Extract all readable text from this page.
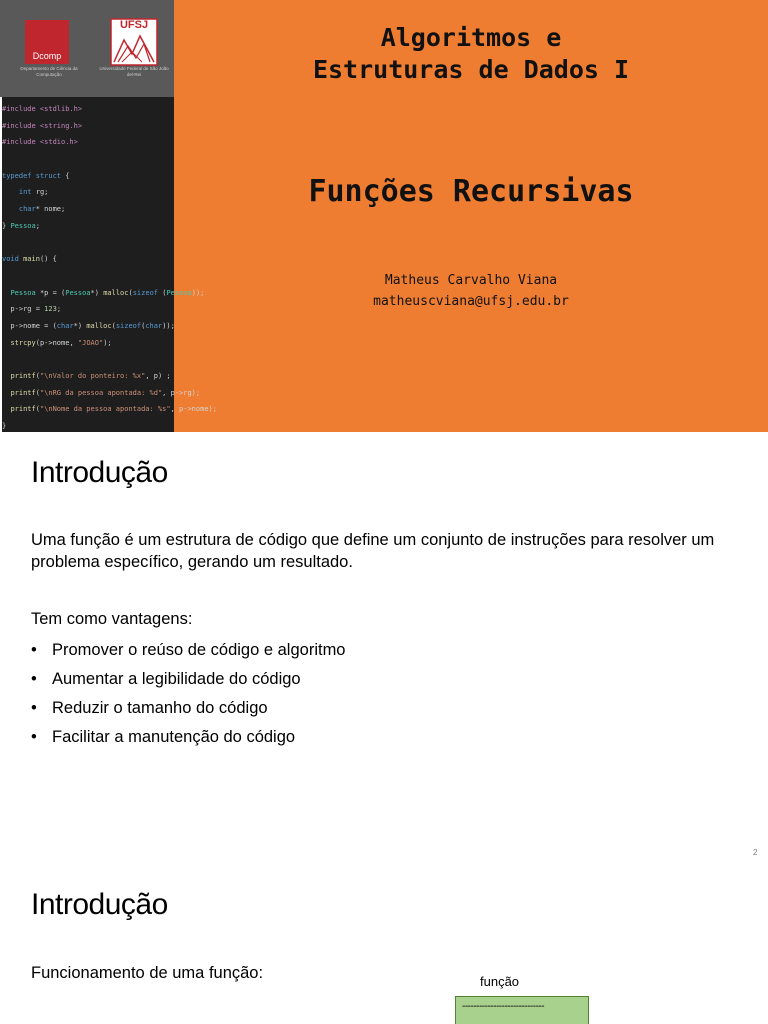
Dcomp
Departamento de Ciência da Computação
UFSJ
Universidade Federal de São João del-Rei
#include <stdlib.h>
#include <string.h>
#include <stdio.h>

typedef struct {
int rg;
char* nome;
} Pessoa;

void main() {

Pessoa *p = (Pessoa*) malloc(sizeof (Pessoa));
p->rg = 123;
p->nome = (char*) malloc(sizeof(char));
strcpy(p->nome, "JOAO");

printf("\nValor do ponteiro: %x", p) ;
printf("\nRG da pessoa apontada: %d", p->rg);
printf("\nNome da pessoa apontada: %s", p->nome);
}
Algoritmos e
Estruturas de Dados I
Funções Recursivas
Matheus Carvalho Viana
matheuscviana@ufsj.edu.br
Introdução

Uma função é um estrutura de código que define um conjunto de instruções para resolver um problema específico, gerando um resultado.

Tem como vantagens:

• Promover o reúso de código e algoritmo
• Aumentar a legibilidade do código
• Reduzir o tamanho do código
• Facilitar a manutenção do código
2
Introdução

Funcionamento de uma função:	função
-----------------------------
